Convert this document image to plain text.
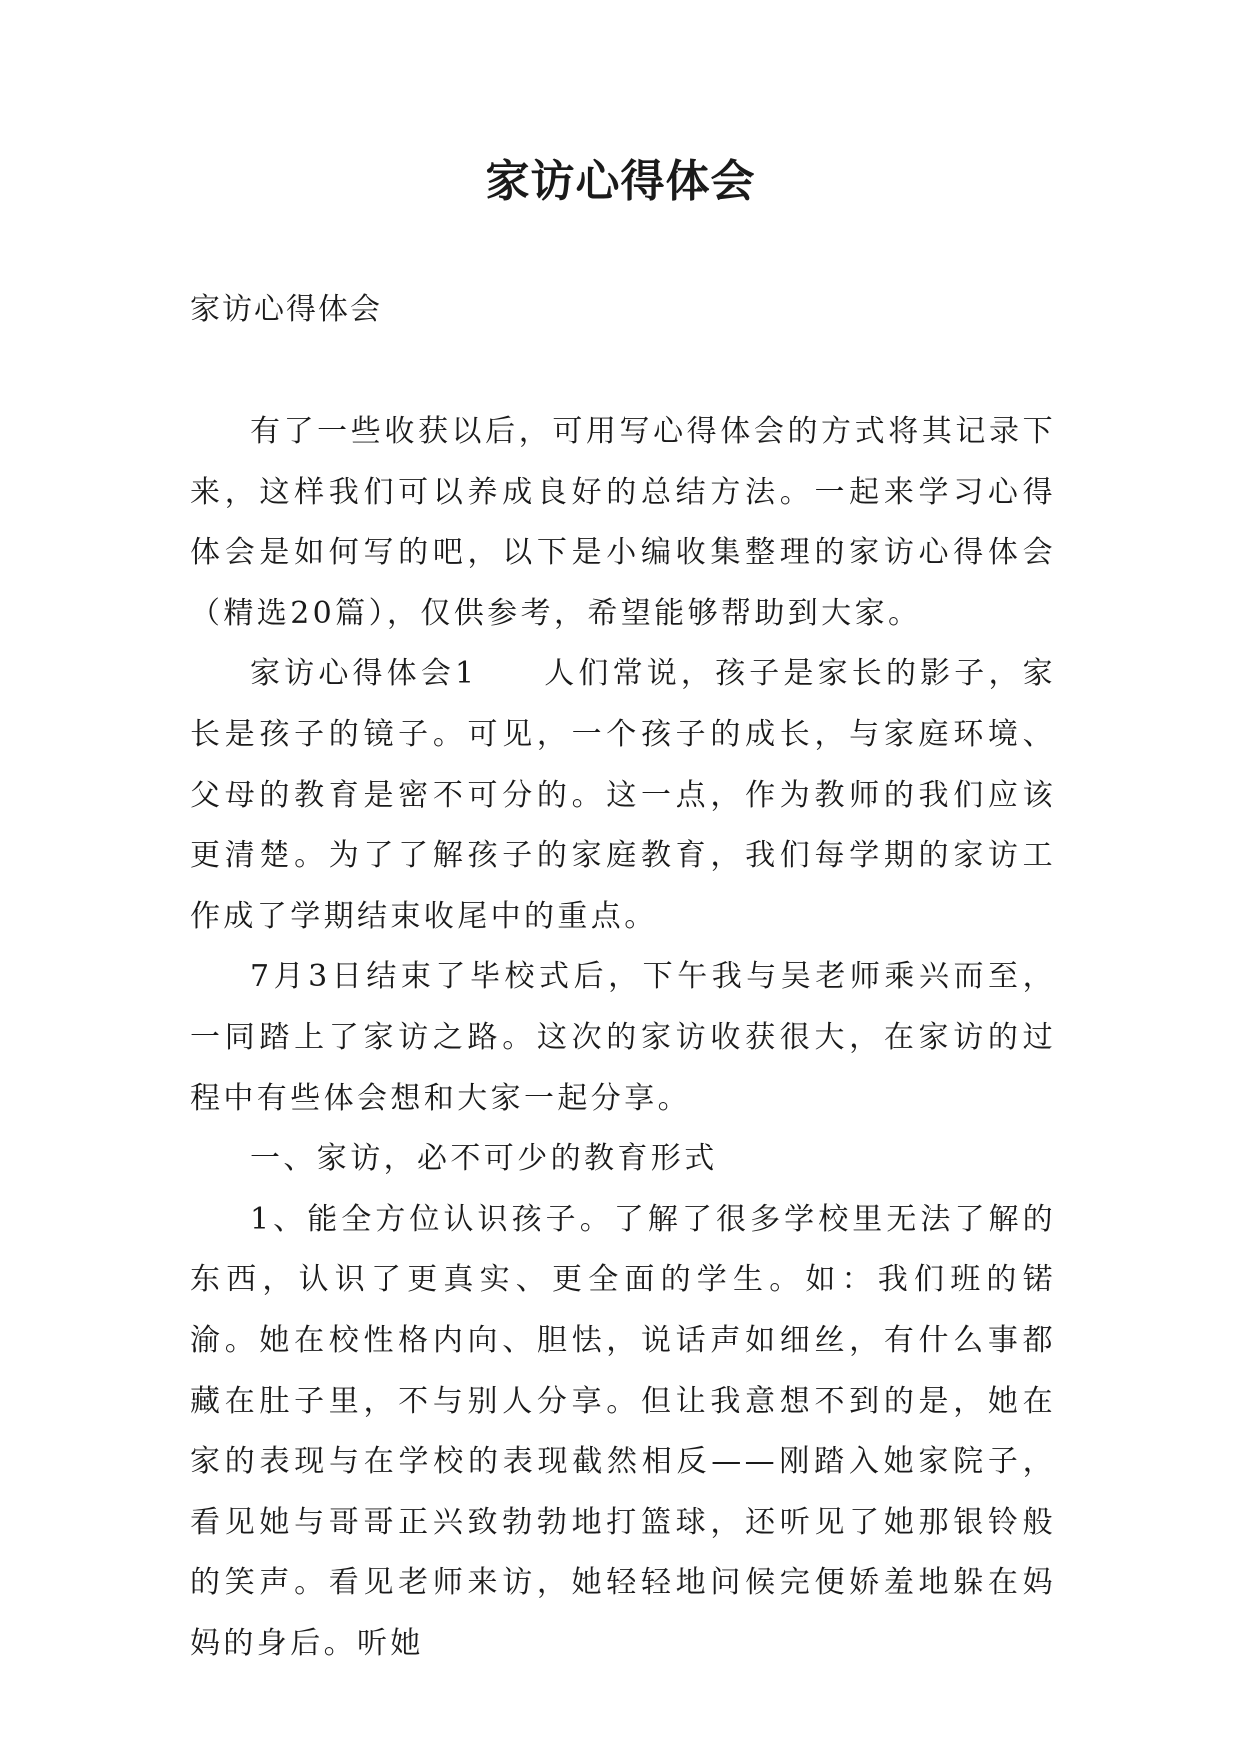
家访心得体会
家访心得体会

有了一些收获以后，可用写心得体会的方式将其记录下来，这样我们可以养成良好的总结方法。一起来学习心得体会是如何写的吧，以下是小编收集整理的家访心得体会（精选20篇），仅供参考，希望能够帮助到大家。

家访心得体会1 人们常说，孩子是家长的影子，家长是孩子的镜子。可见，一个孩子的成长，与家庭环境、父母的教育是密不可分的。这一点，作为教师的我们应该更清楚。为了了解孩子的家庭教育，我们每学期的家访工作成了学期结束收尾中的重点。

7月3日结束了毕校式后，下午我与吴老师乘兴而至，一同踏上了家访之路。这次的家访收获很大，在家访的过程中有些体会想和大家一起分享。

一、家访，必不可少的教育形式

1、能全方位认识孩子。了解了很多学校里无法了解的东西，认识了更真实、更全面的学生。如：我们班的锘渝。她在校性格内向、胆怯，说话声如细丝，有什么事都藏在肚子里，不与别人分享。但让我意想不到的是，她在家的表现与在学校的表现截然相反——刚踏入她家院子，看见她与哥哥正兴致勃勃地打篮球，还听见了她那银铃般的笑声。看见老师来访，她轻轻地问候完便娇羞地躲在妈妈的身后。听她
